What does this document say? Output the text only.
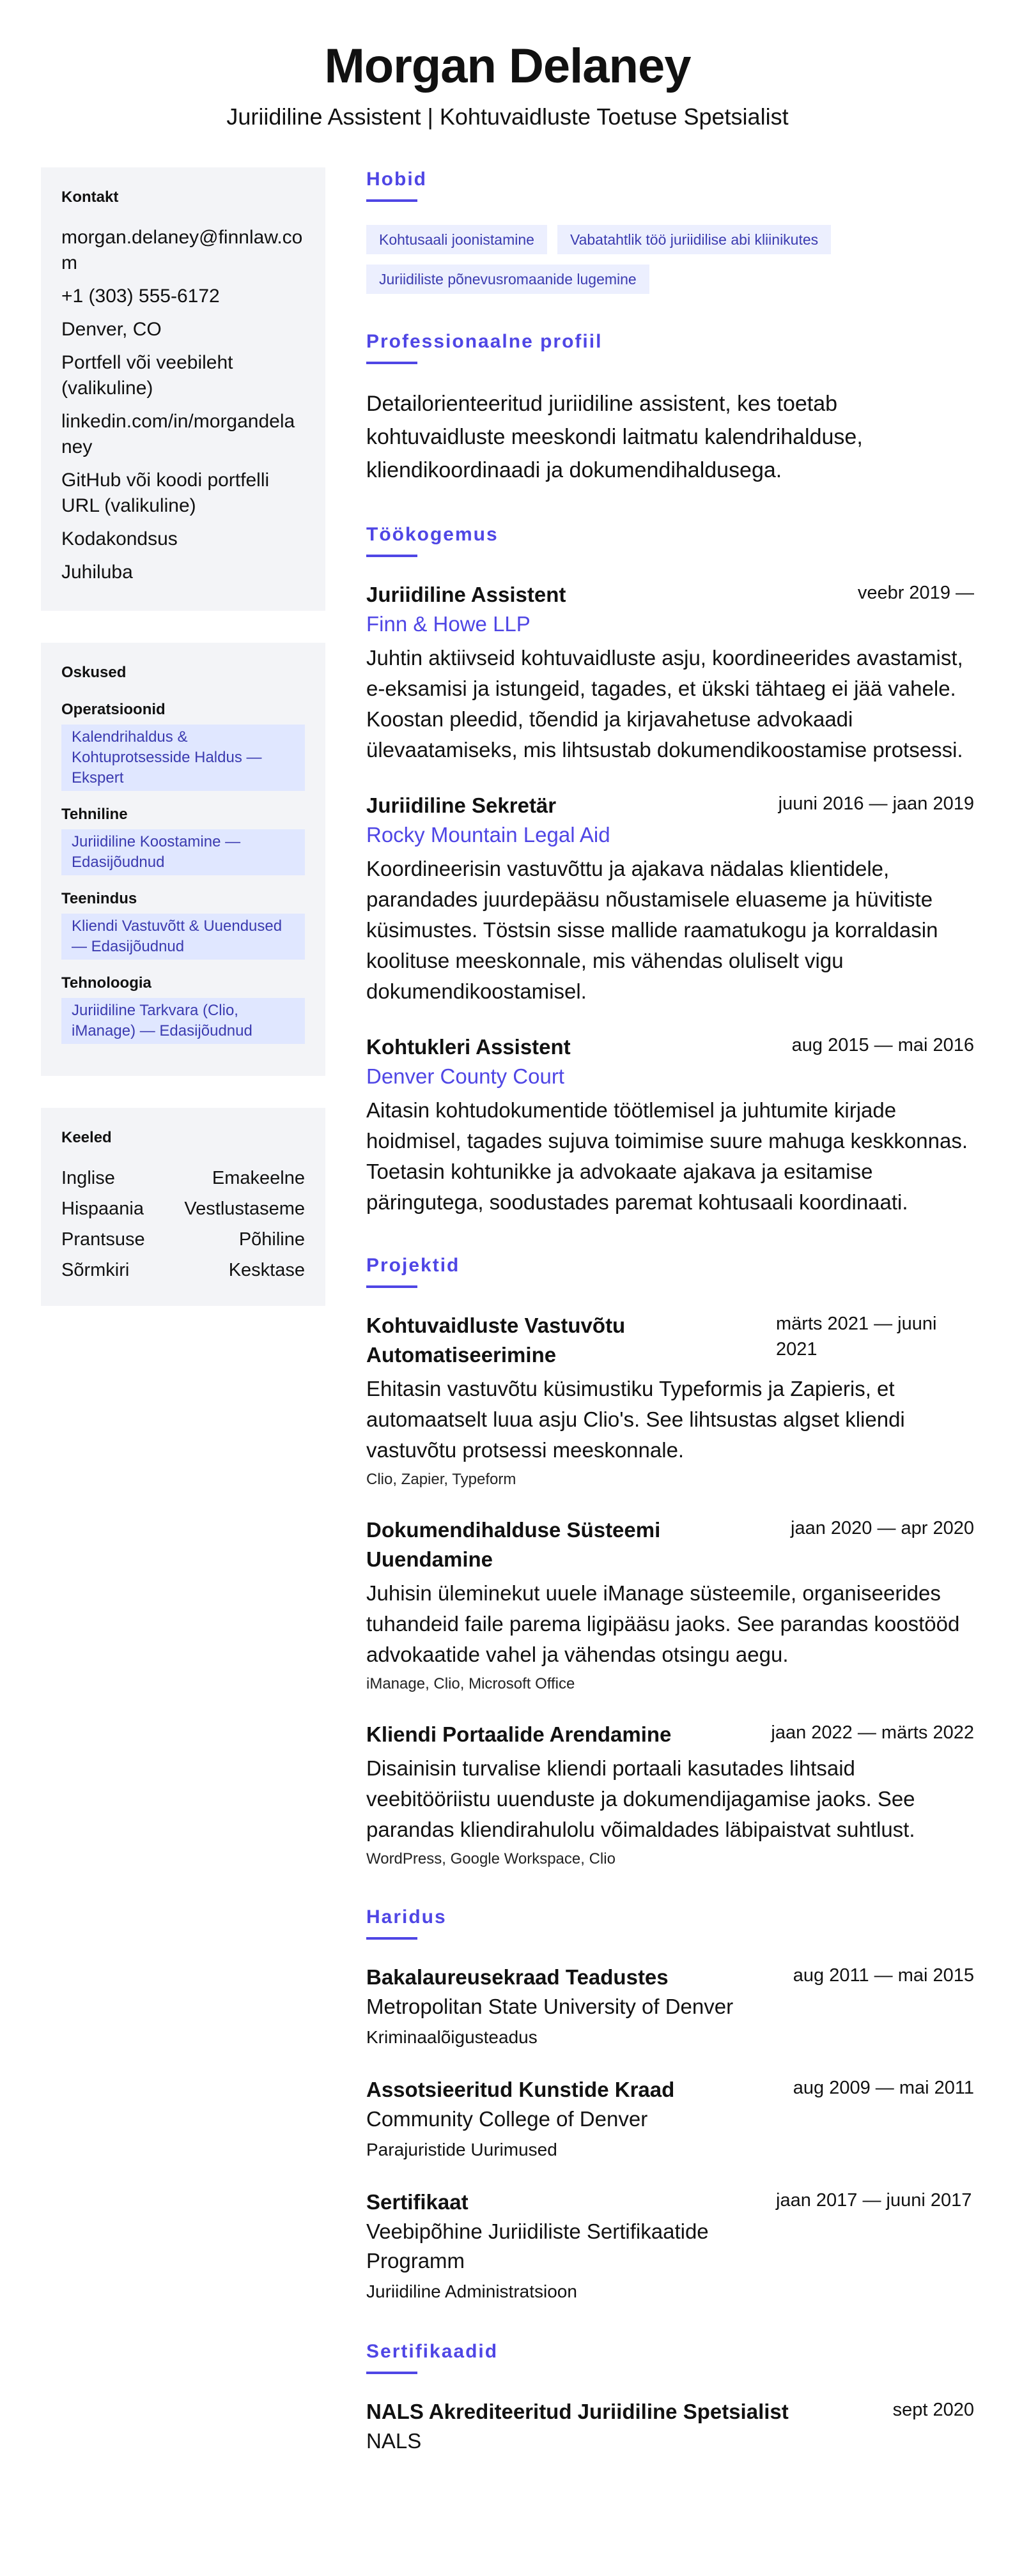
Morgan Delaney
Juriidiline Assistent | Kohtuvaidluste Toetuse Spetsialist
Kontakt
morgan.delaney@finnlaw.com
+1 (303) 555-6172
Denver, CO
Portfell või veebileht (valikuline)
linkedin.com/in/morgandelaney
GitHub või koodi portfelli URL (valikuline)
Kodakondsus
Juhiluba
Oskused
Operatsioonid
Kalendrihaldus & Kohtuprotsesside Haldus — Ekspert
Tehniline
Juriidiline Koostamine — Edasijõudnud
Teenindus
Kliendi Vastuvõtt & Uuendused — Edasijõudnud
Tehnoloogia
Juriidiline Tarkvara (Clio, iManage) — Edasijõudnud
Keeled
Inglise	Emakeelne
Hispaania Vestlustaseme
Prantsuse	Põhiline
Sõrmkiri	Kesktase
Hobid
Kohtusaali joonistamine	Vabatahtlik töö juriidilise abi kliinikutes
Juriidiliste põnevusromaanide lugemine
Professionaalne profiil
Detailorienteeritud juriidiline assistent, kes toetab kohtuvaidluste meeskondi laitmatu kalendrihalduse, kliendikoordinaadi ja dokumendihaldusega.
Töökogemus
Juriidiline Assistent	veebr 2019 —
Finn & Howe LLP
Juhtin aktiivseid kohtuvaidluste asju, koordineerides avastamist, e-eksamisi ja istungeid, tagades, et ükski tähtaeg ei jää vahele. Koostan pleedid, tõendid ja kirjavahetuse advokaadi ülevaatamiseks, mis lihtsustab dokumendikoostamise protsessi.
Juriidiline Sekretär	juuni 2016 — jaan 2019
Rocky Mountain Legal Aid
Koordineerisin vastuvõttu ja ajakava nädalas klientidele, parandades juurdepääsu nõustamisele eluaseme ja hüvitiste küsimustes. Töstsin sisse mallide raamatukogu ja korraldasin koolituse meeskonnale, mis vähendas oluliselt vigu dokumendikoostamisel.
Kohtukleri Assistent	aug 2015 — mai 2016
Denver County Court
Aitasin kohtudokumentide töötlemisel ja juhtumite kirjade hoidmisel, tagades sujuva toimimise suure mahuga keskkonnas. Toetasin kohtunikke ja advokaate ajakava ja esitamise päringutega, soodustades paremat kohtusaali koordinaati.
Projektid
Kohtuvaidluste Vastuvõtu Automatiseerimine
märts 2021 — juuni 2021
Ehitasin vastuvõtu küsimustiku Typeformis ja Zapieris, et automaatselt luua asju Clio's. See lihtsustas algset kliendi vastuvõtu protsessi meeskonnale.
Clio, Zapier, Typeform
Dokumendihalduse Süsteemi Uuendamine
jaan 2020 — apr 2020
Juhisin üleminekut uuele iManage süsteemile, organiseerides tuhandeid faile parema ligipääsu jaoks. See parandas koostööd advokaatide vahel ja vähendas otsingu aegu.
iManage, Clio, Microsoft Office
Kliendi Portaalide Arendamine	jaan 2022 — märts 2022
Disainisin turvalise kliendi portaali kasutades lihtsaid veebitööriistu uuenduste ja dokumendijagamise jaoks. See parandas kliendirahulolu võimaldades läbipaistvat suhtlust.
WordPress, Google Workspace, Clio
Haridus
Bakalaureusekraad Teadustes	aug 2011 — mai 2015
Metropolitan State University of Denver
Kriminaalõigusteadus
Assotsieeritud Kunstide Kraad	aug 2009 — mai 2011
Community College of Denver
Parajuristide Uurimused
Sertifikaat	jaan 2017 — juuni 2017
Veebipõhine Juriidiliste Sertifikaatide Programm
Juriidiline Administratsioon
Sertifikaadid
NALS Akrediteeritud Juriidiline Spetsialist	sept 2020
NALS
